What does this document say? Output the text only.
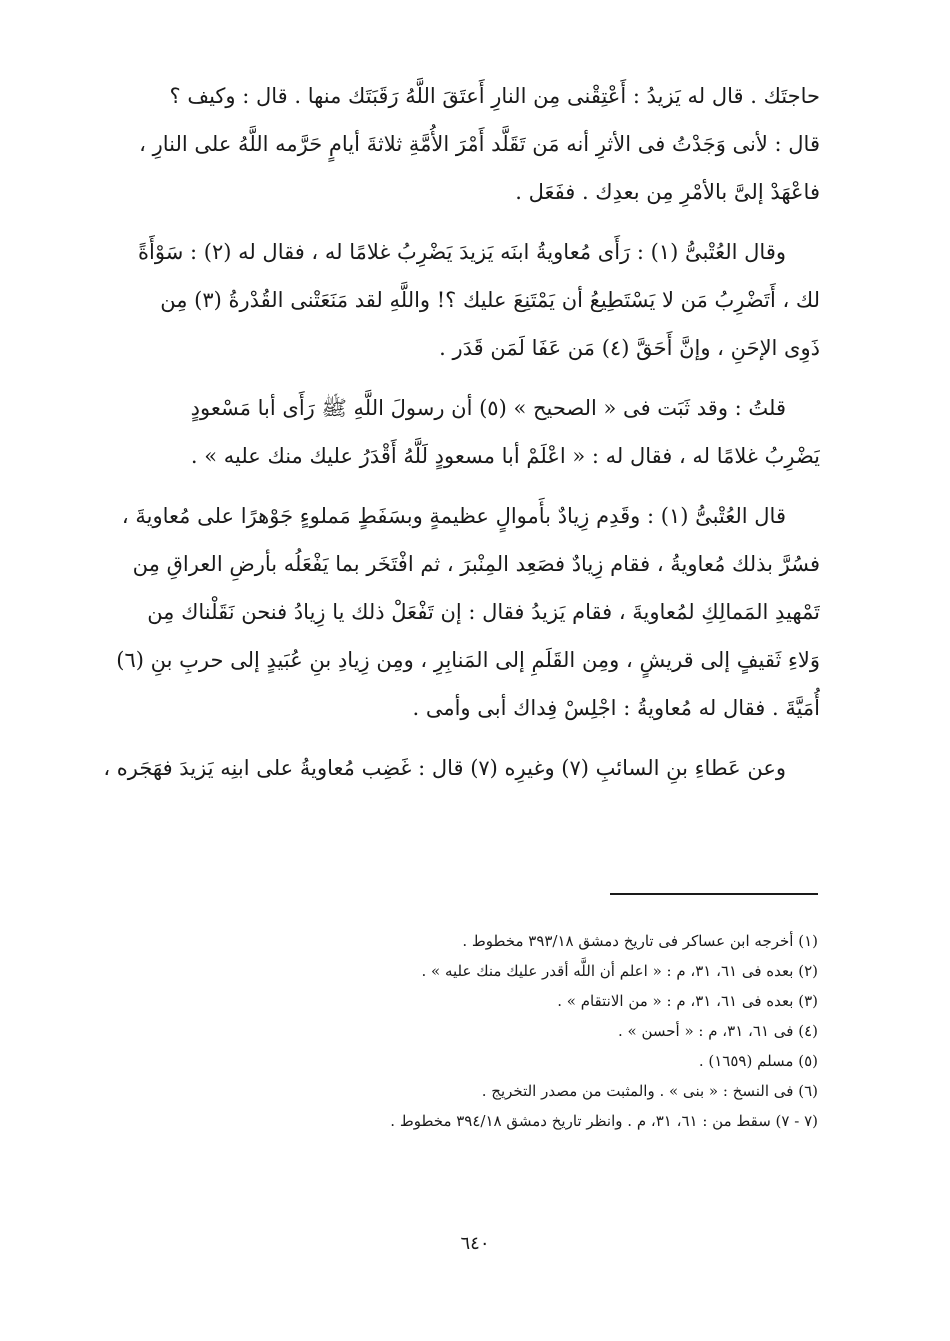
حاجتَك . قال له يَزيدُ : أَعْتِقْنى مِن النارِ أَعتَقَ اللَّهُ رَقَبَتَك منها . قال : وكيف ؟
قال : لأنى وَجَدْتُ فى الأثرِ أنه مَن تَقَلَّد أَمْرَ الأُمَّةِ ثلاثةَ أيامٍ حَرَّمه اللَّهُ على النارِ ،
فاعْهَدْ إلىَّ بالأمْرِ مِن بعدِك . ففَعَل .

وقال العُتْبىُّ (١) : رَأَى مُعاويةُ ابنَه يَزيدَ يَضْرِبُ غلامًا له ، فقال له (٢) : سَوْأَةً
لك ، أَتَضْرِبُ مَن لا يَسْتَطِيعُ أن يَمْتَنِعَ عليك ؟! واللَّهِ لقد مَنَعَتْنى القُدْرةُ (٣) مِن
ذَوِى الإحَنِ ، وإنَّ أَحَقَّ (٤) مَن عَفَا لَمَن قَدَر .

قلتُ : وقد ثَبَت فى « الصحيح » (٥) أن رسولَ اللَّهِ ﷺ رَأَى أبا مَسْعودٍ
يَضْرِبُ غلامًا له ، فقال له : « اعْلَمْ أبا مسعودٍ لَلَّهُ أَقْدَرُ عليك منك عليه » .

قال العُتْبىُّ (١) : وقَدِم زِيادٌ بأَموالٍ عظيمةٍ وبسَفَطٍ مَملوءٍ جَوْهرًا على مُعاويةَ ،
فسُرَّ بذلك مُعاويةُ ، فقام زِيادٌ فصَعِد المِنْبرَ ، ثم افْتَخَر بما يَفْعَلُه بأرضِ العراقِ مِن
تَمْهيدِ المَمالِكِ لمُعاويةَ ، فقام يَزيدُ فقال : إن تَفْعَلْ ذلك يا زِيادُ فنحن نَقَلْناك مِن
وَلاءِ ثَقيفٍ إلى قريشٍ ، ومِن القَلَمِ إلى المَنابِرِ ، ومِن زِيادِ بنِ عُبَيدٍ إلى حربِ بنِ (٦)
أُمَيَّةَ . فقال له مُعاويةُ : اجْلِسْ فِداك أبى وأمى .

وعن عَطاءِ بنِ السائبِ (٧) وغيرِه (٧) قال : غَضِب مُعاويةُ على ابنِه يَزيدَ فهَجَره ،

(١) أخرجه ابن عساكر فى تاريخ دمشق ٣٩٣/١٨ مخطوط .
(٢) بعده فى ٦١، ٣١، م : « اعلم أن اللَّه أقدر عليك منك عليه » .
(٣) بعده فى ٦١، ٣١، م : « من الانتقام » .
(٤) فى ٦١، ٣١، م : « أحسن » .
(٥) مسلم (١٦٥٩) .
(٦) فى النسخ : « بنى » . والمثبت من مصدر التخريج .
(٧ - ٧) سقط من : ٦١، ٣١، م . وانظر تاريخ دمشق ٣٩٤/١٨ مخطوط .
٦٤٠
